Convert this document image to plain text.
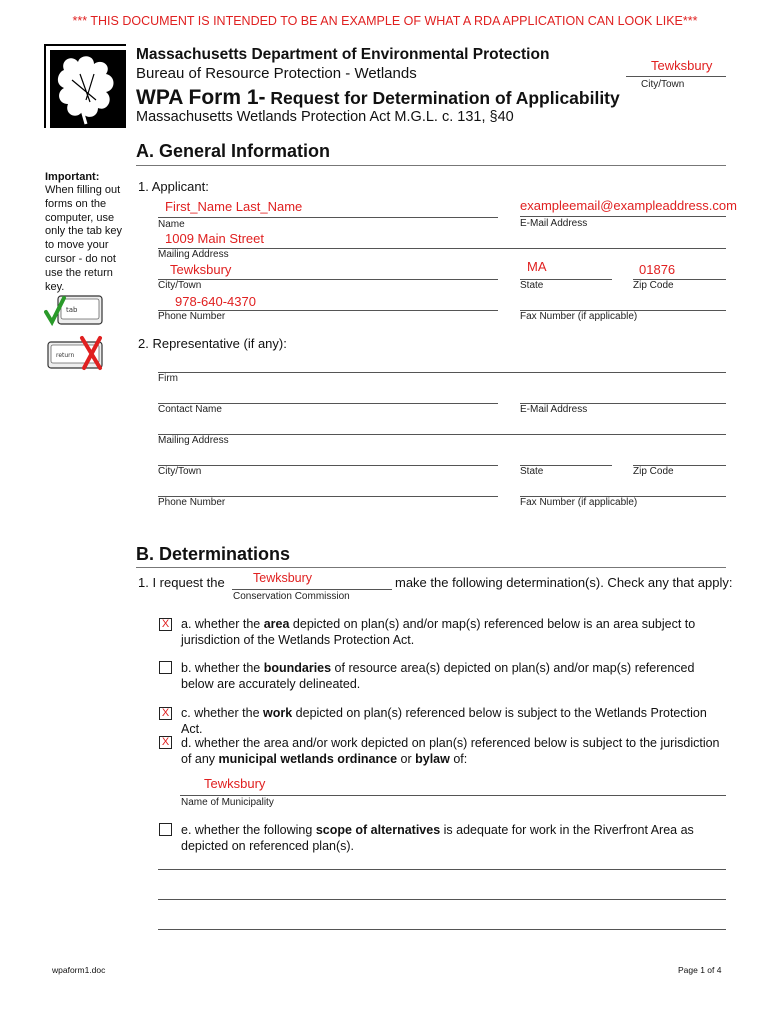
*** THIS DOCUMENT IS INTENDED TO BE AN EXAMPLE OF WHAT A RDA APPLICATION CAN LOOK LIKE***
Massachusetts Department of Environmental Protection
Bureau of Resource Protection - Wetlands
WPA Form 1- Request for Determination of Applicability
Massachusetts Wetlands Protection Act M.G.L. c. 131, §40
Tewksbury
City/Town
A. General Information
Important:
When filling out forms on the computer, use only the tab key to move your cursor - do not use the return key.
tab
return
1. Applicant:
First_Name Last_Name
Name
exampleemail@exampleaddress.com
E-Mail Address
1009 Main Street
Mailing Address
Tewksbury
City/Town
MA
State
01876
Zip Code
978-640-4370
Phone Number	Fax Number (if applicable)
2. Representative (if any):
Firm
Contact Name	E-Mail Address
Mailing Address
City/Town	State	Zip Code
Phone Number	Fax Number (if applicable)
B. Determinations
1. I request the Tewksbury	make the following determination(s). Check any that apply:
Conservation Commission
X a. whether the area depicted on plan(s) and/or map(s) referenced below is an area subject to jurisdiction of the Wetlands Protection Act.
b. whether the boundaries of resource area(s) depicted on plan(s) and/or map(s) referenced below are accurately delineated.
X c. whether the work depicted on plan(s) referenced below is subject to the Wetlands Protection Act.
X d. whether the area and/or work depicted on plan(s) referenced below is subject to the jurisdiction of any municipal wetlands ordinance or bylaw of:
Tewksbury
Name of Municipality
e. whether the following scope of alternatives is adequate for work in the Riverfront Area as depicted on referenced plan(s).
wpaform1.doc	Page 1 of 4
